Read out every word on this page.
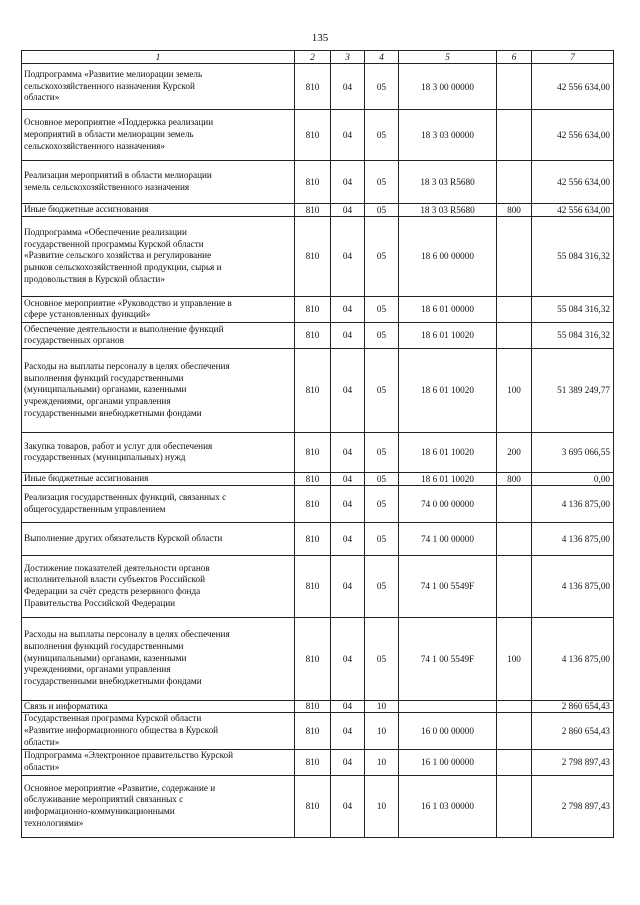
135
1	2	3	4	5	6	7

Подпрограмма «Развитие мелиорации земель
сельскохозяйственного назначения Курской
области»	810	04	05	18 3 00 00000		42 556 634,00

Основное мероприятие «Поддержка реализации
мероприятий в области мелиорации земель
сельскохозяйственного назначения»	810	04	05	18 3 03 00000		42 556 634,00

Реализация мероприятий в области мелиорации
земель сельскохозяйственного назначения	810	04	05	18 3 03 R5680		42 556 634,00

Иные бюджетные ассигнования	810	04	05	18 3 03 R5680	800	42 556 634,00

Подпрограмма «Обеспечение реализации
государственной программы Курской области
«Развитие сельского хозяйства и регулирование
рынков сельскохозяйственной продукции, сырья и
продовольствия в Курской области»	810	04	05	18 6 00 00000		55 084 316,32

Основное мероприятие «Руководство и управление в
сфере установленных функций»	810	04	05	18 6 01 00000		55 084 316,32

Обеспечение деятельности и выполнение функций
государственных органов	810	04	05	18 6 01 10020		55 084 316,32

Расходы на выплаты персоналу в целях обеспечения
выполнения функций государственными
(муниципальными) органами, казенными
учреждениями, органами управления
государственными внебюджетными фондами	810	04	05	18 6 01 10020	100	51 389 249,77

Закупка товаров, работ и услуг для обеспечения
государственных (муниципальных) нужд	810	04	05	18 6 01 10020	200	3 695 066,55

Иные бюджетные ассигнования	810	04	05	18 6 01 10020	800	0,00

Реализация государственных функций, связанных с
общегосударственным управлением	810	04	05	74 0 00 00000		4 136 875,00

Выполнение других обязательств Курской области	810	04	05	74 1 00 00000		4 136 875,00

Достижение показателей деятельности органов
исполнительной власти субъектов Российской
Федерации за счёт средств резервного фонда
Правительства Российской Федерации	810	04	05	74 1 00 5549F		4 136 875,00

Расходы на выплаты персоналу в целях обеспечения
выполнения функций государственными
(муниципальными) органами, казенными
учреждениями, органами управления
государственными внебюджетными фондами	810	04	05	74 1 00 5549F	100	4 136 875,00

Связь и информатика	810	04	10			2 860 654,43

Государственная программа Курской области
«Развитие информационного общества в Курской
области»	810	04	10	16 0 00 00000		2 860 654,43

Подпрограмма «Электронное правительство Курской
области»	810	04	10	16 1 00 00000		2 798 897,43

Основное мероприятие «Развитие, содержание и
обслуживание мероприятий связанных с
информационно-коммуникационными
технологиями»	810	04	10	16 1 03 00000		2 798 897,43
